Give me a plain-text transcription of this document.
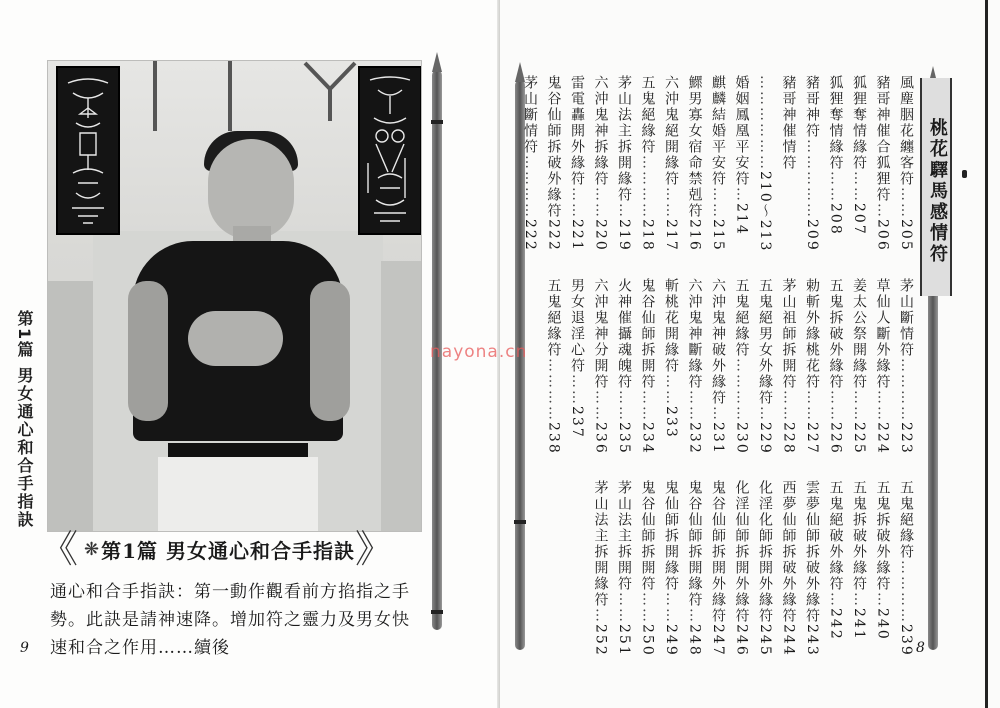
第1篇 男女通心和合手指訣
《 ❋ 第1篇 男女通心和合手指訣 》
通心和合手指訣：第一動作觀看前方掐指之手
勢。此訣是請神速降。增加符之靈力及男女快
速和合之作用……續後
9
桃花驛馬感情符
風塵胭花纏客符……205
豬哥神催合狐狸符…206
狐狸奪情緣符……207
狐狸奪情緣符……208
豬哥神符……………209
豬哥神催情符
………………210～213
婚姻鳳凰平安符…214
麒麟結婚平安符……215
鰥男寡女宿命禁剋符216
六沖鬼絕開緣符……217
五鬼絕緣符…………218
茅山法主拆開緣符…219
六沖鬼神拆緣符……220
雷電轟開外緣符……221
鬼谷仙師拆破外緣符222
茅山斷情符…………222
茅山斷情符…………223
草仙人斷外緣符……224
姜太公祭開緣符……225
五鬼拆破外緣符……226
勅斬外緣桃花符……227
茅山祖師拆開符……228
五鬼絕男女外緣符…229
五鬼絕緣符…………230
六沖鬼神破外緣符…231
六沖鬼神斷緣符……232
斬桃花開緣符……233
鬼谷仙師拆開符……234
火神催攝魂魄符……235
六沖鬼神分開符……236
男女退淫心符……237
五鬼絕緣符…………238
五鬼絕緣符…………239
五鬼拆破外緣符…240
五鬼拆破外緣符…241
五鬼絕破外緣符…242
雲夢仙師拆破外緣符243
西夢仙師拆破外緣符244
化淫化師拆開外緣符245
化淫仙師拆開外緣符246
鬼谷仙師拆開外緣符247
鬼谷仙師拆開緣符…248
鬼仙師拆開緣符……249
鬼谷仙師拆開符……250
茅山法主拆開符……251
茅山法主拆開緣符…252	8
nayona.cn
